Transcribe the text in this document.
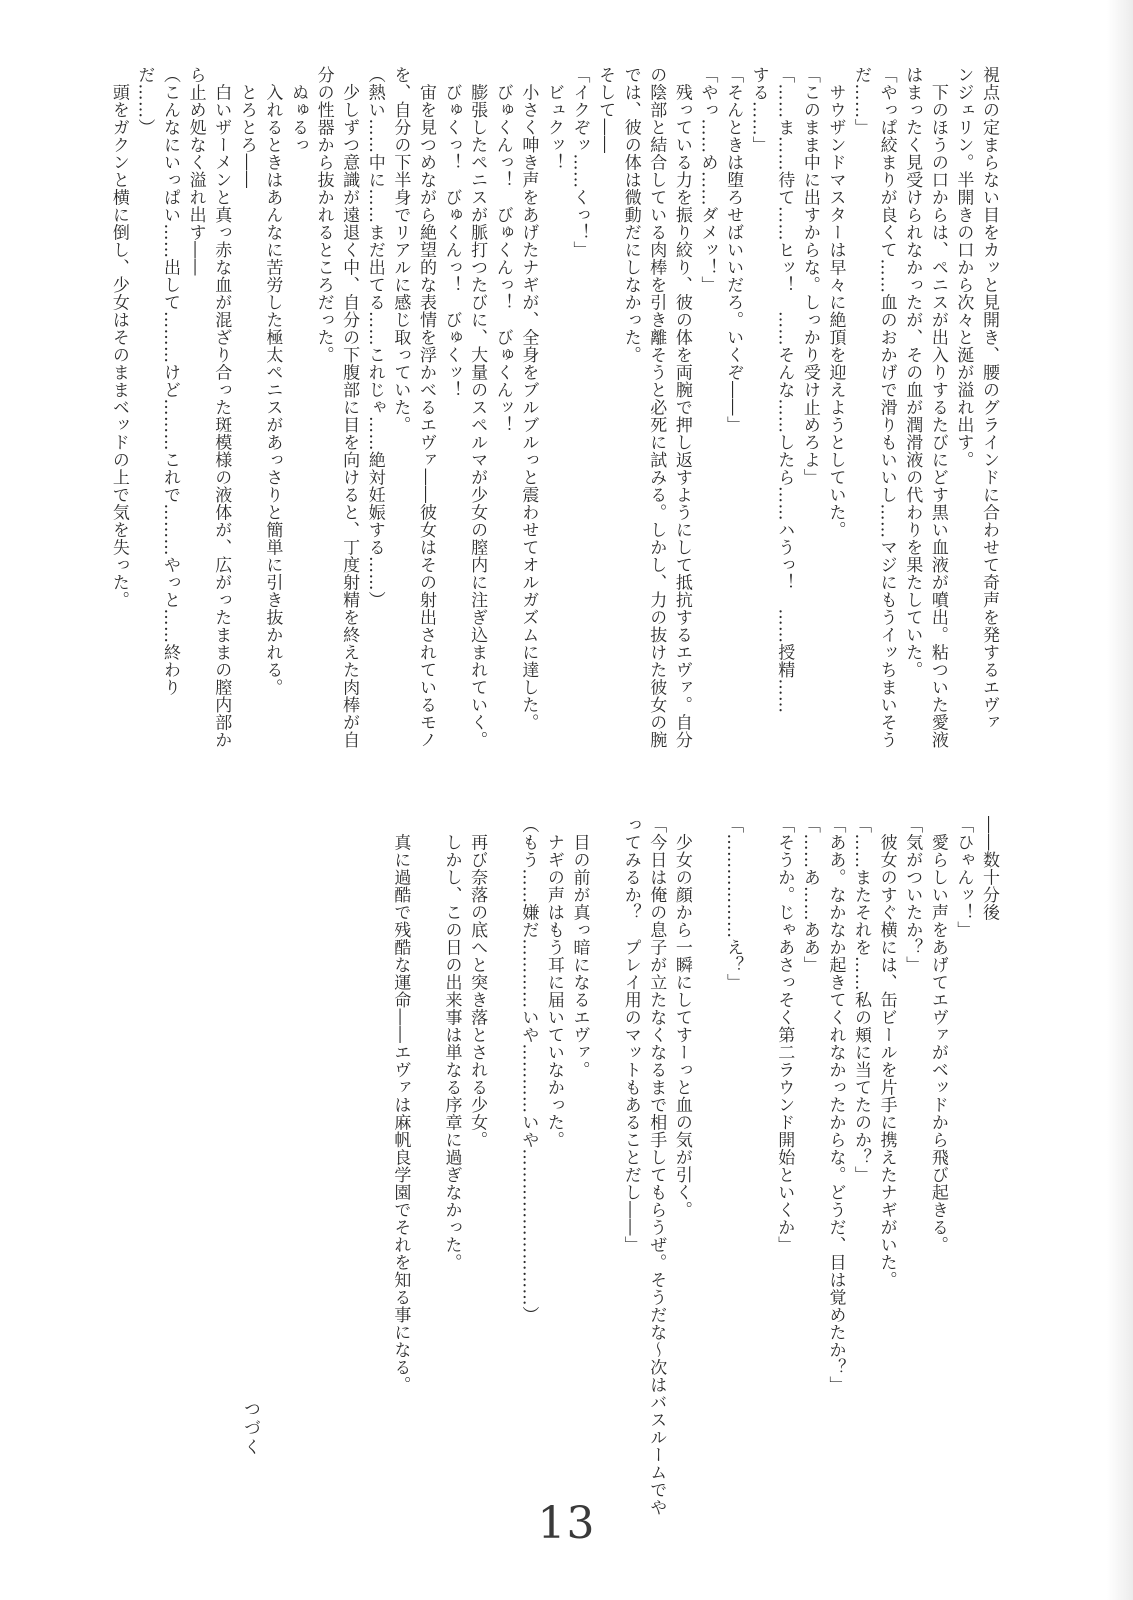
視点の定まらない目をカッと見開き、腰のグラインドに合わせて奇声を発するエヴァ

ンジェリン。半開きの口から次々と涎が溢れ出す。

　下のほうの口からは、ペニスが出入りするたびにどす黒い血液が噴出。粘ついた愛液

はまったく見受けられなかったが、その血が潤滑液の代わりを果たしていた。

「やっぱ絞まりが良くて……血のおかげで滑りもいいし……マジにもうイッちまいそう

だ……」

　サウザンドマスターは早々に絶頂を迎えようとしていた。

「このまま中に出すからな。しっかり受け止めろよ」

「……ま……待て……ヒッ！　……そんな……したら……ハうっ！　……授精……

する……」

「そんときは堕ろせばいいだろ。いくぞ――」

「やっ……め……ダメッ！」

　残っている力を振り絞り、彼の体を両腕で押し返すようにして抵抗するエヴァ。自分

の陰部と結合している肉棒を引き離そうと必死に試みる。しかし、力の抜けた彼女の腕

では、彼の体は微動だにしなかった。

そして――

「イクぞッ……くっ！」

　ビュクッ！

　小さく呻き声をあげたナギが、全身をブルブルっと震わせてオルガズムに達した。

　びゅくんっ！　びゅくんっ！　びゅくんッ！

　膨張したペニスが脈打つたびに、大量のスペルマが少女の膣内に注ぎ込まれていく。

　びゅくっ！　びゅくんっ！　びゅくッ！

　宙を見つめながら絶望的な表情を浮かべるエヴァ――彼女はその射出されているモノ

を、自分の下半身でリアルに感じ取っていた。

（熱い……中に……まだ出てる……これじゃ……絶対妊娠する……）

　少しずつ意識が遠退く中、自分の下腹部に目を向けると、丁度射精を終えた肉棒が自

分の性器から抜かれるところだった。

　ぬゅるっ

　入れるときはあんなに苦労した極太ペニスがあっさりと簡単に引き抜かれる。

　とろとろ――

　白いザーメンと真っ赤な血が混ざり合った斑模様の液体が、広がったままの膣内部か

ら止め処なく溢れ出す――

（こんなにいっぱい……出して………けど………これで………やっと……終わり

だ……）

　頭をガクンと横に倒し、少女はそのままベッドの上で気を失った。

――数十分後

「ひゃんッ！」

　愛らしい声をあげてエヴァがベッドから飛び起きる。

「気がついたか？」

　彼女のすぐ横には、缶ビールを片手に携えたナギがいた。

「……またそれを……私の頬に当てたのか？」

「ああ。なかなか起きてくれなかったからな。どうだ、目は覚めたか？」

「……あ……ああ」

「そうか。じゃあさっそく第二ラウンド開始といくか」

「………………え？」

　少女の顔から一瞬にしてすーっと血の気が引く。

「今日は俺の息子が立たなくなるまで相手してもらうぜ。そうだな～次はバスルームでや

ってみるか？　プレイ用のマットもあることだし――」

　目の前が真っ暗になるエヴァ。

　ナギの声はもう耳に届いていなかった。

（もう……嫌だ…………いや…………いや………………………）

　再び奈落の底へと突き落とされる少女。

　しかし、この日の出来事は単なる序章に過ぎなかった。

　真に過酷で残酷な運命――エヴァは麻帆良学園でそれを知る事になる。

つづく
13
